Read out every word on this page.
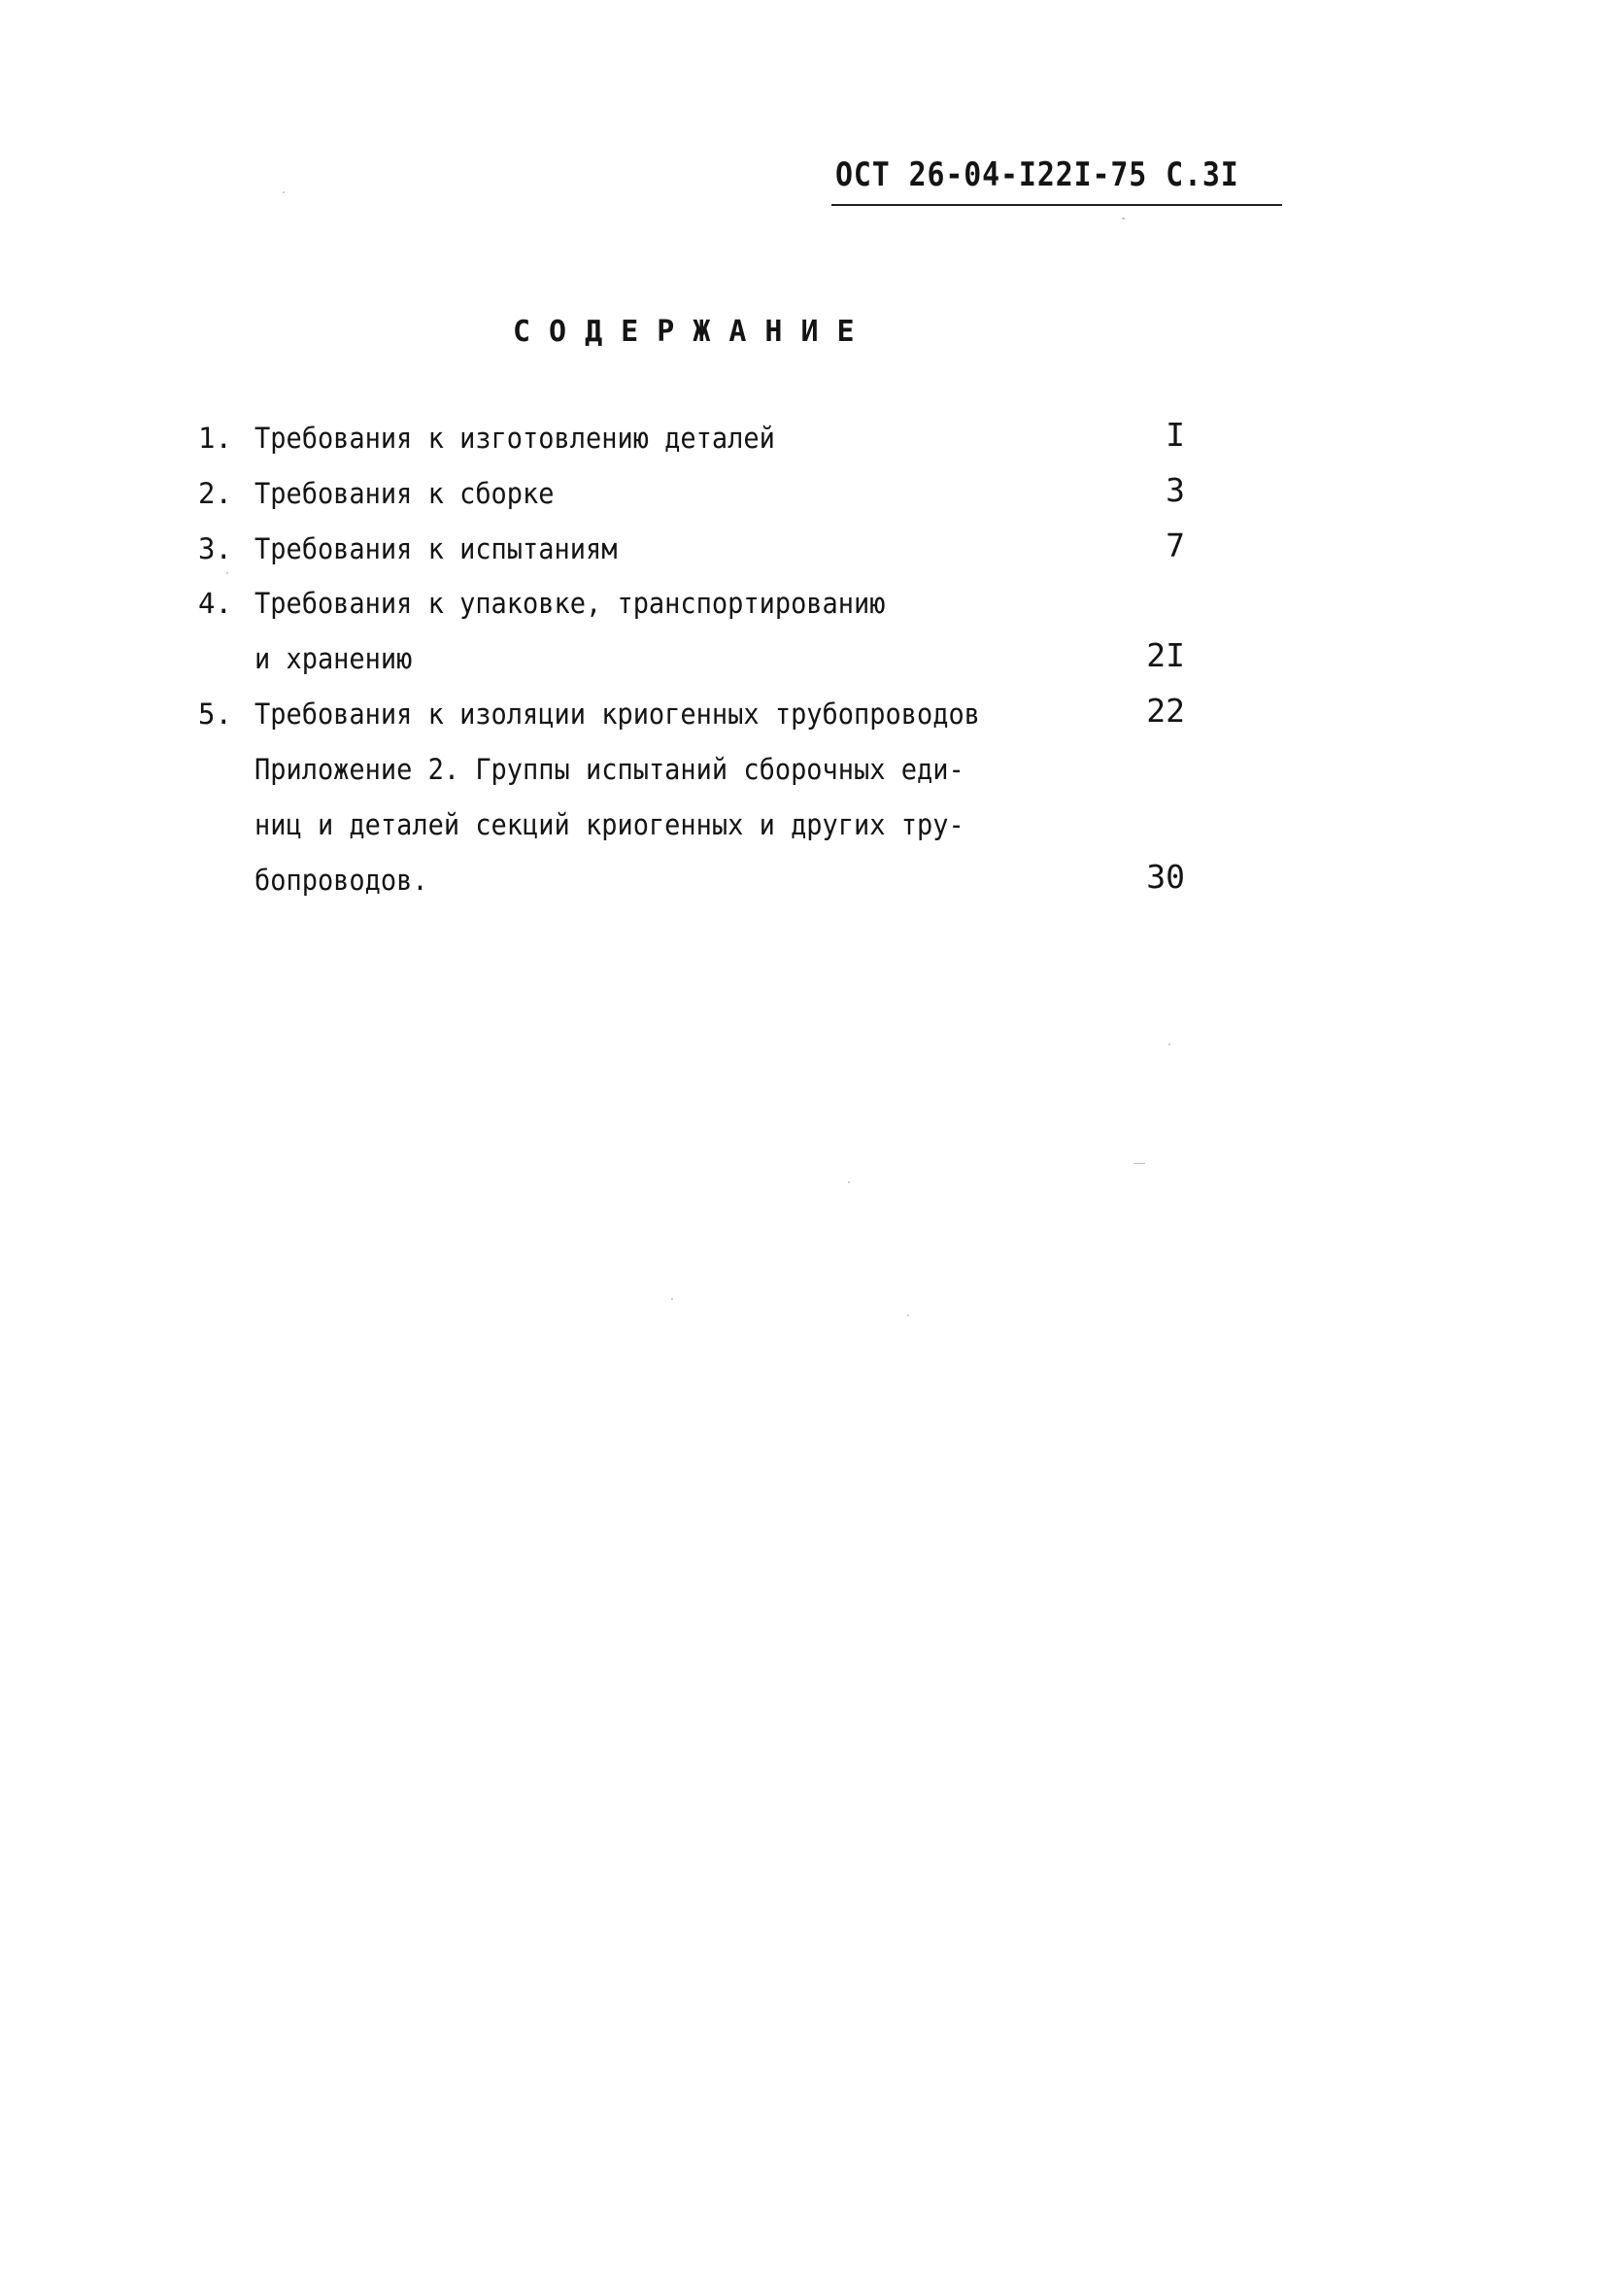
ОСТ 26-04-І22І-75 С.3І
СОДЕРЖАНИЕ
1. Требования к изготовлению деталей	I
2. Требования к сборке	3
3. Требования к испытаниям	7
4. Требования к упаковке, транспортированию
и хранению	2I
5. Требования к изоляции криогенных трубопроводов	22
Приложение 2. Группы испытаний сборочных еди-
ниц и деталей секций криогенных и других тру-
бопроводов.	30
